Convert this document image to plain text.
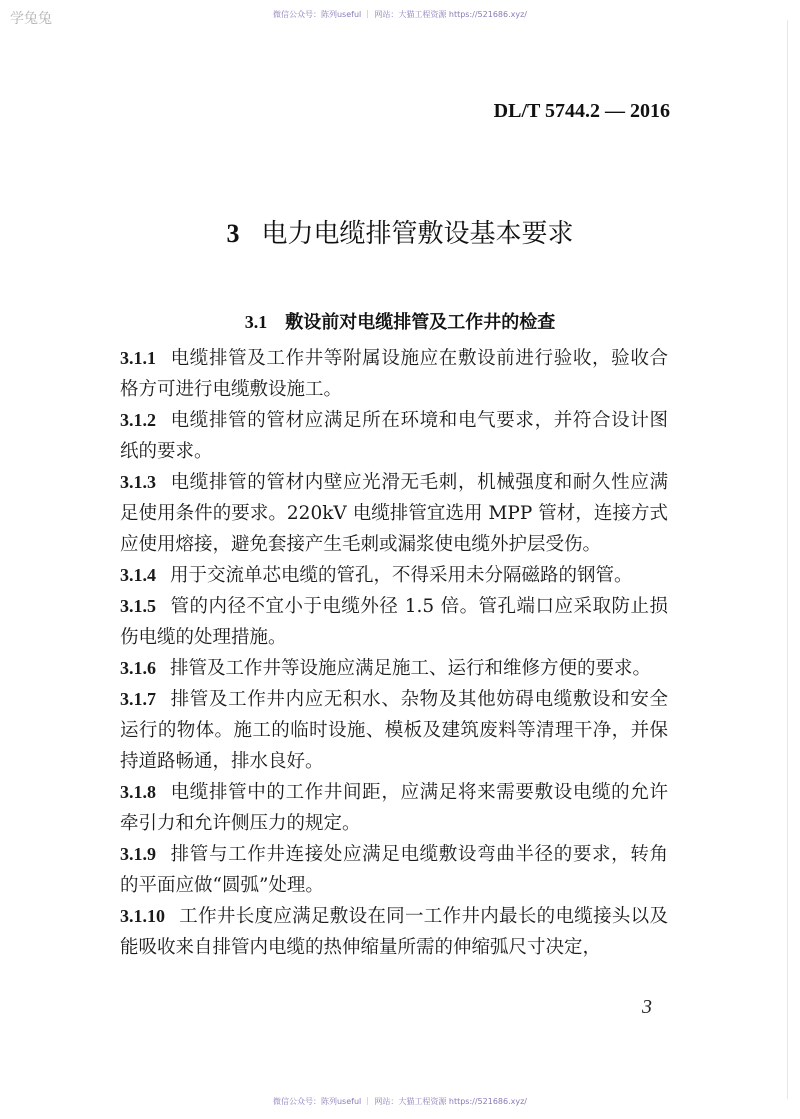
学兔兔	微信公众号：陈列useful ｜ 网站：大猫工程资源 https://521686.xyz/
DL/T 5744.2 — 2016
3 电力电缆排管敷设基本要求
3.1 敷设前对电缆排管及工作井的检查
3.1.1 电缆排管及工作井等附属设施应在敷设前进行验收，验收合格方可进行电缆敷设施工。
3.1.2 电缆排管的管材应满足所在环境和电气要求，并符合设计图纸的要求。
3.1.3 电缆排管的管材内壁应光滑无毛刺，机械强度和耐久性应满足使用条件的要求。220kV 电缆排管宜选用 MPP 管材，连接方式应使用熔接，避免套接产生毛刺或漏浆使电缆外护层受伤。
3.1.4 用于交流单芯电缆的管孔，不得采用未分隔磁路的钢管。
3.1.5 管的内径不宜小于电缆外径 1.5 倍。管孔端口应采取防止损伤电缆的处理措施。
3.1.6 排管及工作井等设施应满足施工、运行和维修方便的要求。
3.1.7 排管及工作井内应无积水、杂物及其他妨碍电缆敷设和安全运行的物体。施工的临时设施、模板及建筑废料等清理干净，并保持道路畅通，排水良好。
3.1.8 电缆排管中的工作井间距，应满足将来需要敷设电缆的允许牵引力和允许侧压力的规定。
3.1.9 排管与工作井连接处应满足电缆敷设弯曲半径的要求，转角的平面应做“圆弧”处理。
3.1.10 工作井长度应满足敷设在同一工作井内最长的电缆接头以及能吸收来自排管内电缆的热伸缩量所需的伸缩弧尺寸决定，
3
微信公众号：陈列useful ｜ 网站：大猫工程资源 https://521686.xyz/
